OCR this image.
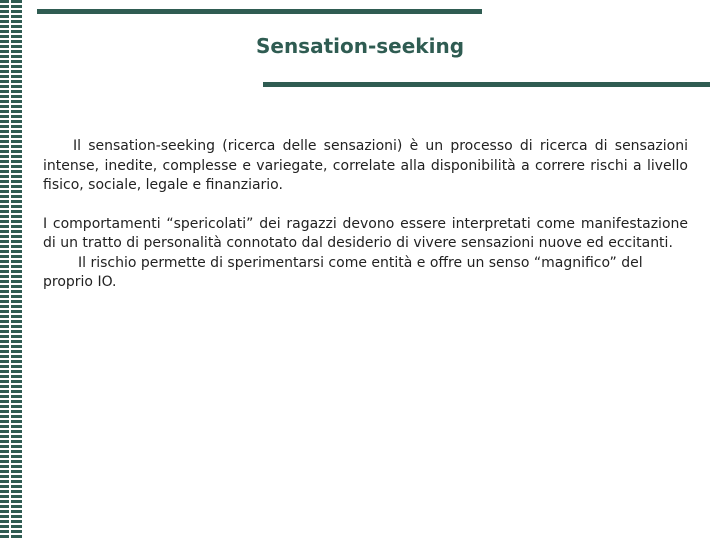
Sensation-seeking

Il sensation-seeking (ricerca delle sensazioni) è un processo di ricerca di sensazioni intense, inedite, complesse e variegate, correlate alla disponibilità a correre rischi a livello fisico, sociale, legale e finanziario.

I comportamenti “spericolati” dei ragazzi devono essere interpretati come manifestazione di un tratto di personalità connotato dal desiderio di vivere sensazioni nuove ed eccitanti.

Il rischio permette di sperimentarsi come entità e offre un senso “magnifico” del proprio IO.
